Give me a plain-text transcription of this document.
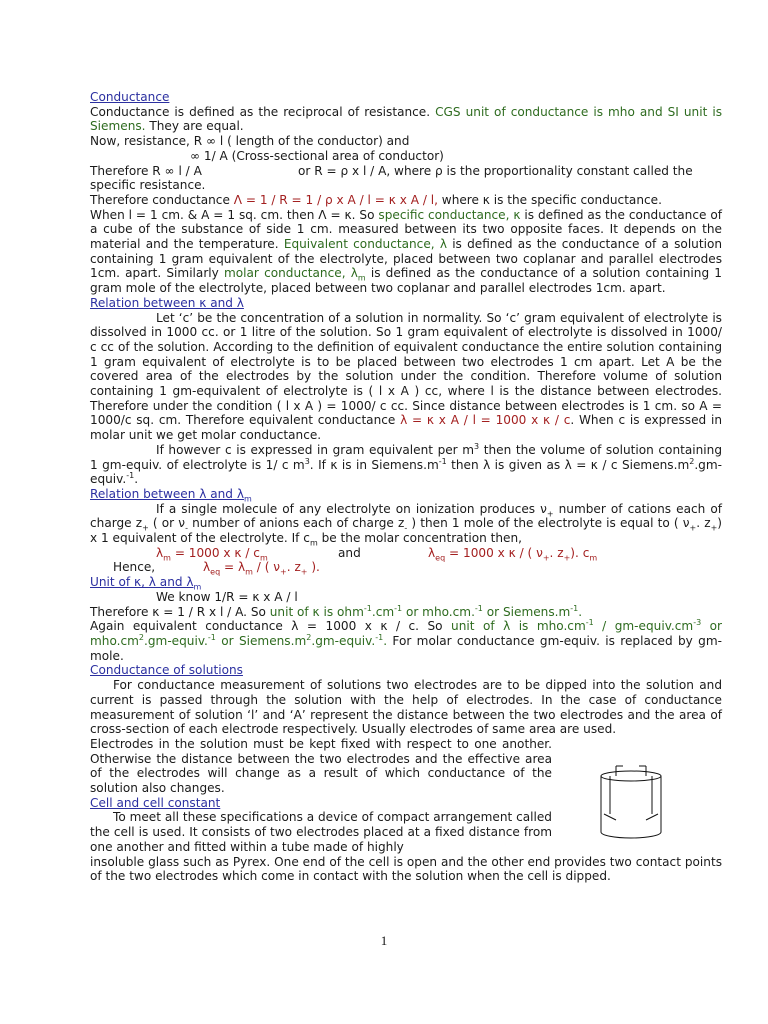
Conductance

Conductance is defined as the reciprocal of resistance. CGS unit of conductance is mho and SI unit is Siemens. They are equal.

Now, resistance, R ∞ l ( length of the conductor) and

∞ 1/ A (Cross-sectional area of conductor)

Therefore R ∞ l / A	or R = ρ x l / A, where ρ is the proportionality constant called the

specific resistance.

Therefore conductance Λ = 1 / R = 1 / ρ x A / l = κ x A / l, where κ is the specific conductance.
When l = 1 cm. & A = 1 sq. cm. then Λ = κ. So specific conductance, κ is defined as the conductance of a cube of the substance of side 1 cm. measured between its two opposite faces. It depends on the material and the temperature. Equivalent conductance, λ is defined as the conductance of a solution containing 1 gram equivalent of the electrolyte, placed between two coplanar and parallel electrodes 1cm. apart. Similarly molar conductance, $\lambda_m$ is defined as the conductance of a solution containing 1 gram mole of the electrolyte, placed between two coplanar and parallel electrodes 1cm. apart.

Relation between κ and λ

Let ‘c’ be the concentration of a solution in normality. So ‘c’ gram equivalent of electrolyte is dissolved in 1000 cc. or 1 litre of the solution. So 1 gram equivalent of electrolyte is dissolved in 1000/ c cc of the solution. According to the definition of equivalent conductance the entire solution containing 1 gram equivalent of electrolyte is to be placed between two electrodes 1 cm apart. Let A be the covered area of the electrodes by the solution under the condition. Therefore volume of solution containing 1 gm-equivalent of electrolyte is ( l x A ) cc, where l is the distance between electrodes. Therefore under the condition ( l x A ) = 1000/ c cc. Since distance between electrodes is 1 cm. so A = 1000/c sq. cm. Therefore equivalent conductance λ = κ x A / l = 1000 x κ / c. When c is expressed in molar unit we get molar conductance.

If however c is expressed in gram equivalent per $m^3$ then the volume of solution containing 1 gm-equiv. of electrolyte is 1/ c $m^3$. If κ is in $Siemens.m^{-1}$ then λ is given as λ = κ / c $Siemens.m^2.gm-equiv.^{-1}$.

Relation between λ and $\lambda_m$

If a single molecule of any electrolyte on ionization produces $\nu_+$ number of cations each of charge $z_+$ ( or $\nu_-$ number of anions each of charge $z_-$ ) then 1 mole of the electrolyte is equal to ( $\nu_+$. $z_+$) x 1 equivalent of the electrolyte. If $c_m$ be the molar concentration then,

$\lambda_m = 1000$ x κ / $c_m$	and	$\lambda_{eq} = 1000$ x κ / ( $\nu_+$. $z_+$). $c_m$

Hence,	$\lambda_{eq} = \lambda_m$ / ( $\nu_+$. $z_+$ ).

Unit of κ, λ and $\lambda_m$

We know 1/R = κ x A / l

Therefore κ = 1 / R x l / A. So unit of κ is $ohm^{-1}.cm^{-1}$ or mho.cm.$^{-1}$ or $Siemens.m^{-1}$.

Again equivalent conductance λ = 1000 x κ / c. So unit of λ is $mho.cm^{-1}$ / $gm-equiv.cm^{-3}$ or $mho.cm^2.gm-equiv.^{-1}$ or $Siemens.m^2.gm-equiv.^{-1}$. For molar conductance gm-equiv. is replaced by gm-mole.

Conductance of solutions

For conductance measurement of solutions two electrodes are to be dipped into the solution and current is passed through the solution with the help of electrodes. In the case of conductance measurement of solution ‘l’ and ‘A’ represent the distance between the two electrodes and the area of cross-section of each electrode respectively. Usually electrodes of same area are used.

Electrodes in the solution must be kept fixed with respect to one another. Otherwise the distance between the two electrodes and the effective area of the electrodes will change as a result of which conductance of the solution also changes.

Cell and cell constant

To meet all these specifications a device of compact arrangement called the cell is used. It consists of two electrodes placed at a fixed distance from one another and fitted within a tube made of highly

insoluble glass such as Pyrex. One end of the cell is open and the other end provides two contact points of the two electrodes which come in contact with the solution when the cell is dipped.

1
